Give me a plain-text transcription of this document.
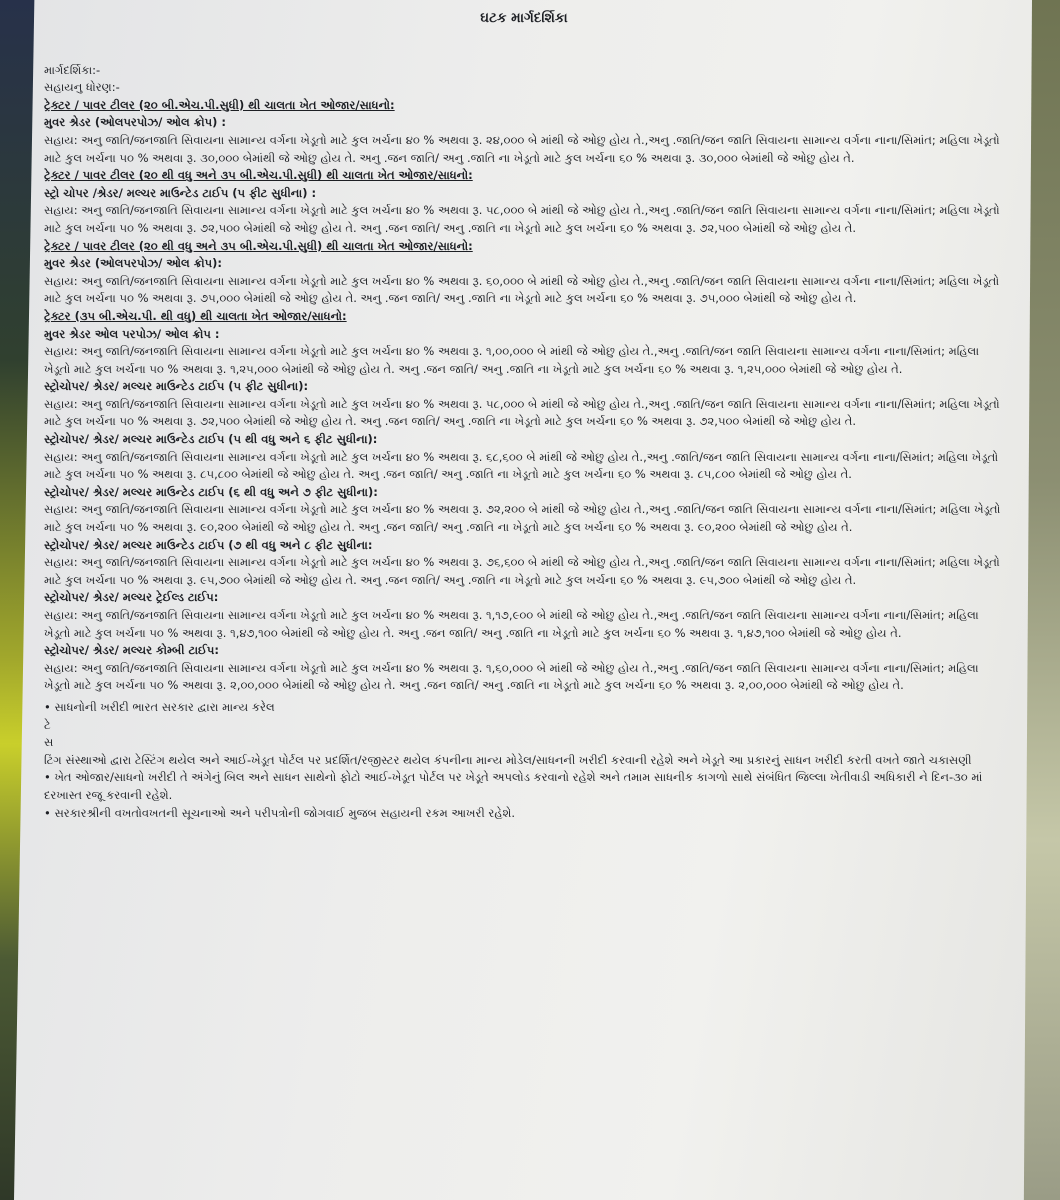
ઘટક માર્ગદર્શિકા
માર્ગદર્શિકા:-
સહાયનુ ધોરણ:-
ટ્રેક્ટર / પાવર ટીલર (૨૦ બી.એચ.પી.સુધી) થી ચાલતા ખેત ઓજાર/સાધનો:
મુવર શ્રેડર (ઓલપરપોઝ/ ઓલ ક્રોપ) :
સહાય: અનુ જાતિ/જનજાતિ સિવાયના સામાન્ય વર્ગના ખેડૂતો માટે કુલ ખર્ચના ૪૦ % અથવા રૂ. ૨૪,૦૦૦ બે માંથી જે ઓછુ હોય તે.,અનુ .જાતિ/જન જાતિ સિવાયના સામાન્ય વર્ગના નાના/સિમાંત; મહિલા ખેડૂતો માટે કુલ ખર્ચના ૫૦ % અથવા રૂ. ૩૦,૦૦૦ બેમાંથી જે ઓછુ હોય તે. અનુ .જન જાતિ/ અનુ .જાતિ ના ખેડૂતો માટે કુલ ખર્ચના ૬૦ % અથવા રૂ. ૩૦,૦૦૦ બેમાંથી જે ઓછુ હોય તે.
ટ્રેક્ટર / પાવર ટીલર (૨૦ થી વધુ અને ૩૫ બી.એચ.પી.સુધી) થી ચાલતા ખેત ઓજાર/સાધનો:
સ્ટ્રો ચોપર /શ્રેડર/ મલ્ચર માઉન્ટેડ ટાઈપ (૫ ફીટ સુધીના) :
સહાય: અનુ જાતિ/જનજાતિ સિવાયના સામાન્ય વર્ગના ખેડૂતો માટે કુલ ખર્ચના ૪૦ % અથવા રૂ. ૫૮,૦૦૦ બે માંથી જે ઓછુ હોય તે.,અનુ .જાતિ/જન જાતિ સિવાયના સામાન્ય વર્ગના નાના/સિમાંત; મહિલા ખેડૂતો માટે કુલ ખર્ચના ૫૦ % અથવા રૂ. ૭૨,૫૦૦ બેમાંથી જે ઓછુ હોય તે. અનુ .જન જાતિ/ અનુ .જાતિ ના ખેડૂતો માટે કુલ ખર્ચના ૬૦ % અથવા રૂ. ૭૨,૫૦૦ બેમાંથી જે ઓછુ હોય તે.
ટ્રેક્ટર / પાવર ટીલર (૨૦ થી વધુ અને ૩૫ બી.એચ.પી.સુધી) થી ચાલતા ખેત ઓજાર/સાધનો:
મુવર શ્રેડર (ઓલપરપોઝ/ ઓલ ક્રોપ):
સહાય: અનુ જાતિ/જનજાતિ સિવાયના સામાન્ય વર્ગના ખેડૂતો માટે કુલ ખર્ચના ૪૦ % અથવા રૂ. ૬૦,૦૦૦ બે માંથી જે ઓછુ હોય તે.,અનુ .જાતિ/જન જાતિ સિવાયના સામાન્ય વર્ગના નાના/સિમાંત; મહિલા ખેડૂતો માટે કુલ ખર્ચના ૫૦ % અથવા રૂ. ૭૫,૦૦૦ બેમાંથી જે ઓછુ હોય તે. અનુ .જન જાતિ/ અનુ .જાતિ ના ખેડૂતો માટે કુલ ખર્ચના ૬૦ % અથવા રૂ. ૭૫,૦૦૦ બેમાંથી જે ઓછુ હોય તે.
ટ્રેક્ટર (૩૫ બી.એચ.પી. થી વધુ) થી ચાલતા ખેત ઓજાર/સાધનો:
મુવર શ્રેડર ઓલ પરપોઝ/ ઓલ ક્રોપ :
સહાય: અનુ જાતિ/જનજાતિ સિવાયના સામાન્ય વર્ગના ખેડૂતો માટે કુલ ખર્ચના ૪૦ % અથવા રૂ. ૧,૦૦,૦૦૦ બે માંથી જે ઓછુ હોય તે.,અનુ .જાતિ/જન જાતિ સિવાયના સામાન્ય વર્ગના નાના/સિમાંત; મહિલા ખેડૂતો માટે કુલ ખર્ચના ૫૦ % અથવા રૂ. ૧,૨૫,૦૦૦ બેમાંથી જે ઓછુ હોય તે. અનુ .જન જાતિ/ અનુ .જાતિ ના ખેડૂતો માટે કુલ ખર્ચના ૬૦ % અથવા રૂ. ૧,૨૫,૦૦૦ બેમાંથી જે ઓછુ હોય તે.
સ્ટ્રોચોપર/ શ્રેડર/ મલ્ચર માઉન્ટેડ ટાઈપ (૫ ફીટ સુધીના):
સહાય: અનુ જાતિ/જનજાતિ સિવાયના સામાન્ય વર્ગના ખેડૂતો માટે કુલ ખર્ચના ૪૦ % અથવા રૂ. ૫૮,૦૦૦ બે માંથી જે ઓછુ હોય તે.,અનુ .જાતિ/જન જાતિ સિવાયના સામાન્ય વર્ગના નાના/સિમાંત; મહિલા ખેડૂતો માટે કુલ ખર્ચના ૫૦ % અથવા રૂ. ૭૨,૫૦૦ બેમાંથી જે ઓછુ હોય તે. અનુ .જન જાતિ/ અનુ .જાતિ ના ખેડૂતો માટે કુલ ખર્ચના ૬૦ % અથવા રૂ. ૭૨,૫૦૦ બેમાંથી જે ઓછુ હોય તે.
સ્ટ્રોચોપર/ શ્રેડર/ મલ્ચર માઉન્ટેડ ટાઈપ (૫ થી વધુ અને ૬ ફીટ સુધીના):
સહાય: અનુ જાતિ/જનજાતિ સિવાયના સામાન્ય વર્ગના ખેડૂતો માટે કુલ ખર્ચના ૪૦ % અથવા રૂ. ૬૮,૬૦૦ બે માંથી જે ઓછુ હોય તે.,અનુ .જાતિ/જન જાતિ સિવાયના સામાન્ય વર્ગના નાના/સિમાંત; મહિલા ખેડૂતો માટે કુલ ખર્ચના ૫૦ % અથવા રૂ. ૮૫,૮૦૦ બેમાંથી જે ઓછુ હોય તે. અનુ .જન જાતિ/ અનુ .જાતિ ના ખેડૂતો માટે કુલ ખર્ચના ૬૦ % અથવા રૂ. ૮૫,૮૦૦ બેમાંથી જે ઓછુ હોય તે.
સ્ટ્રોચોપર/ શ્રેડર/ મલ્ચર માઉન્ટેડ ટાઈપ (૬ થી વધુ અને ૭ ફીટ સુધીના):
સહાય: અનુ જાતિ/જનજાતિ સિવાયના સામાન્ય વર્ગના ખેડૂતો માટે કુલ ખર્ચના ૪૦ % અથવા રૂ. ૭૨,૨૦૦ બે માંથી જે ઓછુ હોય તે.,અનુ .જાતિ/જન જાતિ સિવાયના સામાન્ય વર્ગના નાના/સિમાંત; મહિલા ખેડૂતો માટે કુલ ખર્ચના ૫૦ % અથવા રૂ. ૯૦,૨૦૦ બેમાંથી જે ઓછુ હોય તે. અનુ .જન જાતિ/ અનુ .જાતિ ના ખેડૂતો માટે કુલ ખર્ચના ૬૦ % અથવા રૂ. ૯૦,૨૦૦ બેમાંથી જે ઓછુ હોય તે.
સ્ટ્રોચોપર/ શ્રેડર/ મલ્ચર માઉન્ટેડ ટાઈપ (૭ થી વધુ અને ૮ ફીટ સુધીના:
સહાય: અનુ જાતિ/જનજાતિ સિવાયના સામાન્ય વર્ગના ખેડૂતો માટે કુલ ખર્ચના ૪૦ % અથવા રૂ. ૭૬,૬૦૦ બે માંથી જે ઓછુ હોય તે.,અનુ .જાતિ/જન જાતિ સિવાયના સામાન્ય વર્ગના નાના/સિમાંત; મહિલા ખેડૂતો માટે કુલ ખર્ચના ૫૦ % અથવા રૂ. ૯૫,૭૦૦ બેમાંથી જે ઓછુ હોય તે. અનુ .જન જાતિ/ અનુ .જાતિ ના ખેડૂતો માટે કુલ ખર્ચના ૬૦ % અથવા રૂ. ૯૫,૭૦૦ બેમાંથી જે ઓછુ હોય તે.
સ્ટ્રોચોપર/ શ્રેડર/ મલ્ચર ટ્રેઈલ્ડ ટાઈપ:
સહાય: અનુ જાતિ/જનજાતિ સિવાયના સામાન્ય વર્ગના ખેડૂતો માટે કુલ ખર્ચના ૪૦ % અથવા રૂ. ૧,૧૭,૯૦૦ બે માંથી જે ઓછુ હોય તે.,અનુ .જાતિ/જન જાતિ સિવાયના સામાન્ય વર્ગના નાના/સિમાંત; મહિલા ખેડૂતો માટે કુલ ખર્ચના ૫૦ % અથવા રૂ. ૧,૪૭,૧૦૦ બેમાંથી જે ઓછુ હોય તે. અનુ .જન જાતિ/ અનુ .જાતિ ના ખેડૂતો માટે કુલ ખર્ચના ૬૦ % અથવા રૂ. ૧,૪૭,૧૦૦ બેમાંથી જે ઓછુ હોય તે.
સ્ટ્રોચોપર/ શ્રેડર/ મલ્ચર કોમ્બી ટાઈપ:
સહાય: અનુ જાતિ/જનજાતિ સિવાયના સામાન્ય વર્ગના ખેડૂતો માટે કુલ ખર્ચના ૪૦ % અથવા રૂ. ૧,૬૦,૦૦૦ બે માંથી જે ઓછુ હોય તે.,અનુ .જાતિ/જન જાતિ સિવાયના સામાન્ય વર્ગના નાના/સિમાંત; મહિલા ખેડૂતો માટે કુલ ખર્ચના ૫૦ % અથવા રૂ. ૨,૦૦,૦૦૦ બેમાંથી જે ઓછુ હોય તે. અનુ .જન જાતિ/ અનુ .જાતિ ના ખેડૂતો માટે કુલ ખર્ચના ૬૦ % અથવા રૂ. ૨,૦૦,૦૦૦ બેમાંથી જે ઓછુ હોય તે.
• સાધનોની ખરીદી ભારત સરકાર દ્વારા માન્ય કરેલ
ટે
સ
ટિંગ સંસ્થાઓ દ્વારા ટેસ્ટિંગ થયેલ અને આઈ-ખેડૂત પોર્ટલ પર પ્રદર્શિત/રજીસ્ટર થયેલ કંપનીના માન્ય મોડેલ/સાધનની ખરીદી કરવાની રહેશે અને ખેડૂતે આ પ્રકારનું સાધન ખરીદી કરતી વખતે જાતે ચકાસણી
• ખેત ઓજાર/સાધનો ખરીદી તે અંગેનું બિલ અને સાધન સાથેનો ફોટો આઈ-ખેડૂત પોર્ટલ પર ખેડૂતે અપલોડ કરવાનો રહેશે અને તમામ સાધનીક કાગળો સાથે સંબંધિત જિલ્લા ખેતીવાડી અધિકારી ને દિન-૩૦ માં દરખાસ્ત રજૂ કરવાની રહેશે.
• સરકારશ્રીની વખતોવખતની સૂચનાઓ અને પરીપત્રોની જોગવાઈ મુજબ સહાયની રકમ આખરી રહેશે.
